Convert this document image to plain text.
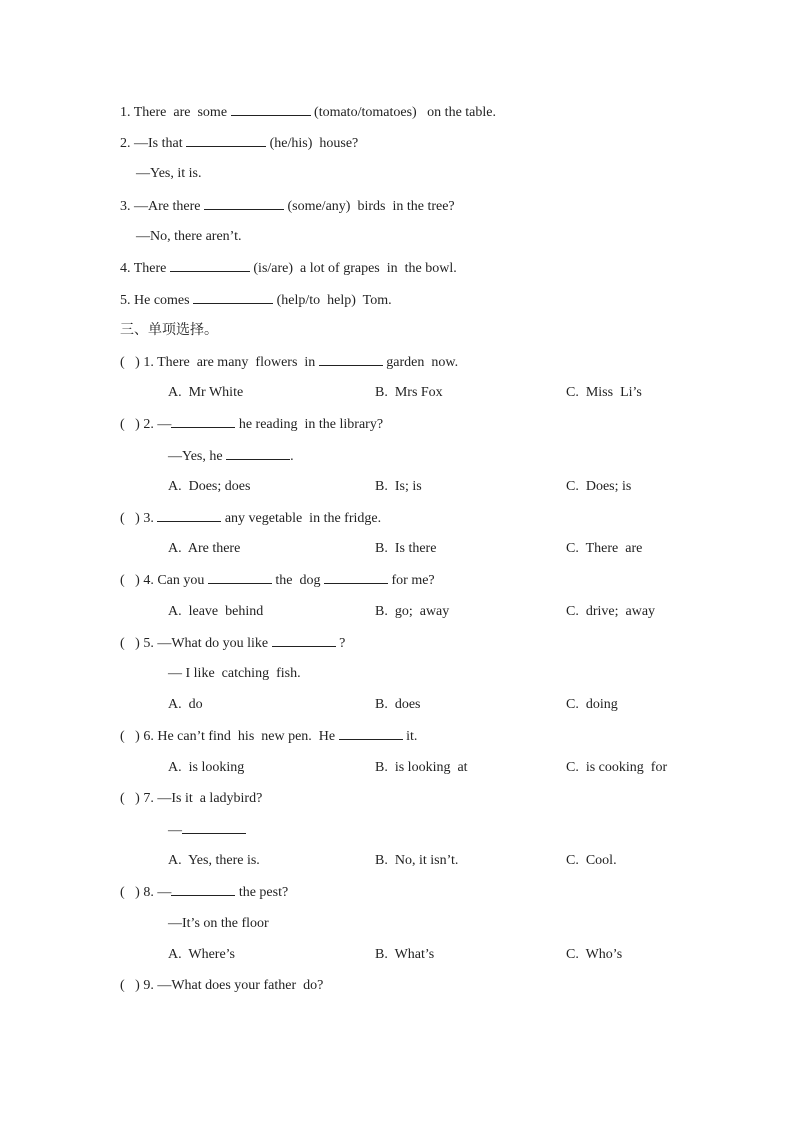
1. There  are  some	(tomato/tomatoes)   on the table.
2. —Is that	(he/his)  house?
—Yes, it is.
3. —Are there	(some/any)  birds  in the tree?
—No, there aren’t.
4. There	(is/are)  a lot of grapes  in  the bowl.
5. He comes	(help/to  help)  Tom.
三、单项选择。
(   ) 1. There  are many  flowers  in	garden  now.
A.  Mr White	B.  Mrs Fox	C.  Miss  Li’s
(   ) 2. —	he reading  in the library?
—Yes, he	.
A.  Does; does	B.  Is; is	C.  Does; is
(   ) 3.	any vegetable  in the fridge.
A.  Are there	B.  Is there	C.  There  are
(   ) 4. Can you	the  dog	for me?
A.  leave  behind	B.  go;  away	C.  drive;  away
(   ) 5. —What do you like	?
— I like  catching  fish.
A.  do	B.  does	C.  doing
(   ) 6. He can’t find  his  new pen.  He	it.
A.  is looking	B.  is looking  at	C.  is cooking  for
(   ) 7. —Is it  a ladybird?
—
A.  Yes, there is.	B.  No, it isn’t.	C.  Cool.
(   ) 8. —	the pest?
—It’s on the floor
A.  Where’s	B.  What’s	C.  Who’s
(   ) 9. —What does your father  do?
